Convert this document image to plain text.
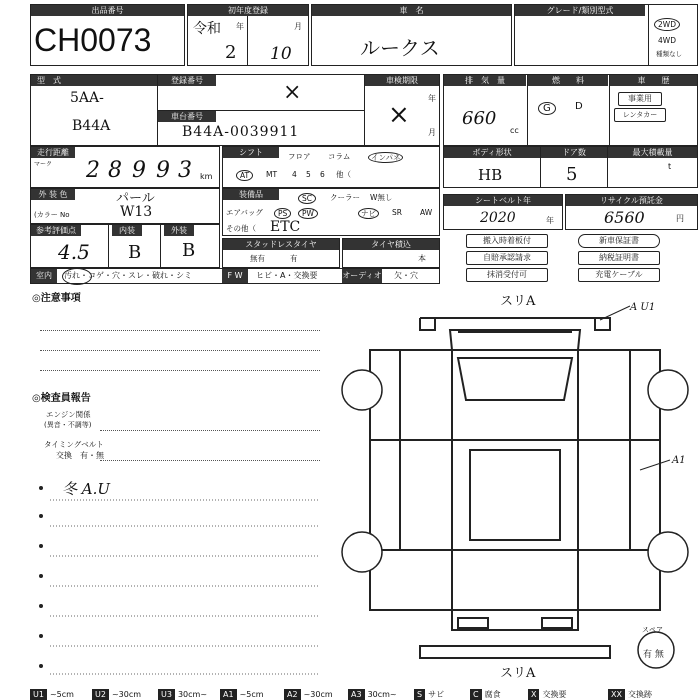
出品番号
CH0073
初年度登録
令和 年	月
2 10
車　名
ルークス
グレード/類別型式
2WD
4WD
種類なし
型　式
5AA-
B44A
登録番号	×
車台番号
B44A-0039911
車検期限
年
月
×
排　気　量
660
cc
燃　　料
G	D
車　　歴
事業用
レンタカー
走行距離
マーク 2 8 9 9 3 km
シフト	フロア コラム	インパネ
AT	MT 4 5 6 他（
ボディ形状	ドア数	最大積載量
HB	5	t
外 装 色
(カラー No
パール
W13
装備品	SC	クーラー W無し
エアバッグ	PS	PW	ナビ	SR AW
その他（ ETC
シートベルト年
2020	年
リサイクル預託金
6560	円
参考評価点	内装	外装
4.5 B B	スタッドレスタイヤ
無有	有
タイヤ積込
本
搬入時着板付	新車保証書
自賠承認請求	納税証明書
抹消受付可	充電ケーブル
室内	汚れ・コゲ・穴・スレ・破れ・シミ	F W	ヒビ・A・交換要	オーディオ 欠・穴
◎注意事項
◎検査員報告
エンジン関係
(異音・不調等)
タイミングベルト
交換　有・無
冬 A.U
スリA	A U1
A1
スリA
スペア
有 無
U1 ~5cm	U2 ~30cm	U3 30cm~	A1 ~5cm	A2 ~30cm	A3 30cm~	S サビ	C 腐食	X 交換要	XX 交換跡
